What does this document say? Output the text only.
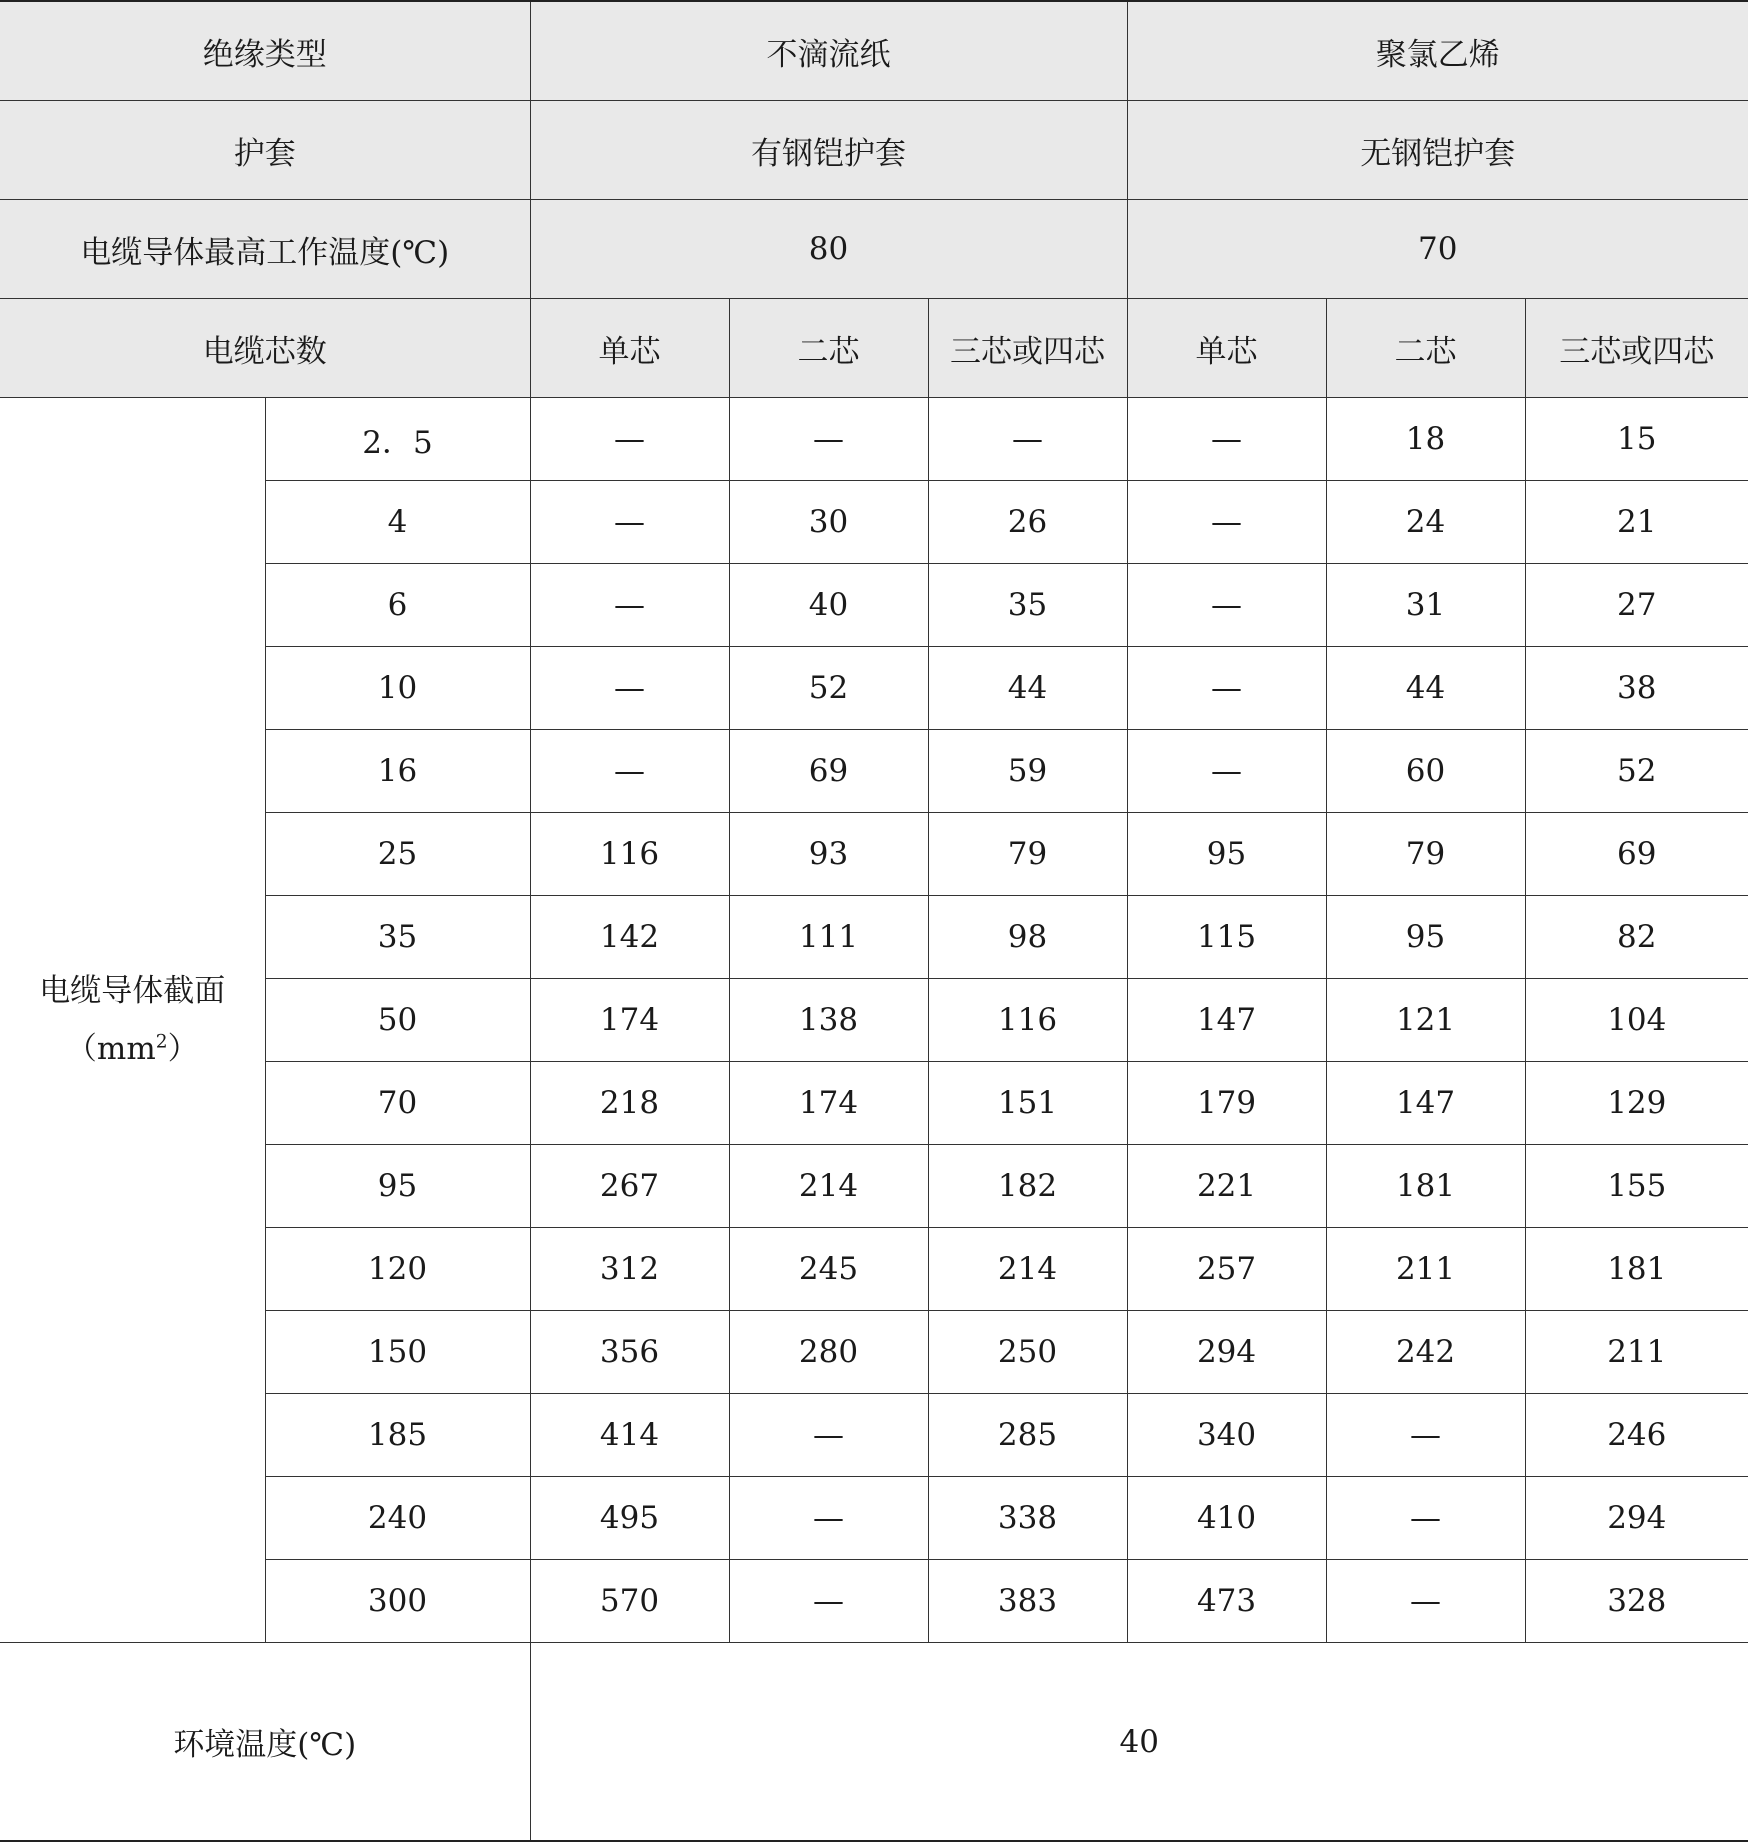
绝缘类型		不滴流纸			聚氯乙烯		
护套		有钢铠护套			无钢铠护套		
电缆导体最高工作温度(℃)		80			70		
电缆芯数		单芯	二芯	三芯或四芯	单芯	二芯	三芯或四芯
电缆导体截面
$(mm^2)$	2．5	—	—	—	—	18	15
	4	—	30	26	—	24	21
	6	—	40	35	—	31	27
	10	—	52	44	—	44	38
	16	—	69	59	—	60	52
	25	116	93	79	95	79	69
	35	142	111	98	115	95	82
	50	174	138	116	147	121	104
	70	218	174	151	179	147	129
	95	267	214	182	221	181	155
	120	312	245	214	257	211	181
	150	356	280	250	294	242	211
	185	414	—	285	340	—	246
	240	495	—	338	410	—	294
	300	570	—	383	473	—	328
环境温度(℃)		40					
